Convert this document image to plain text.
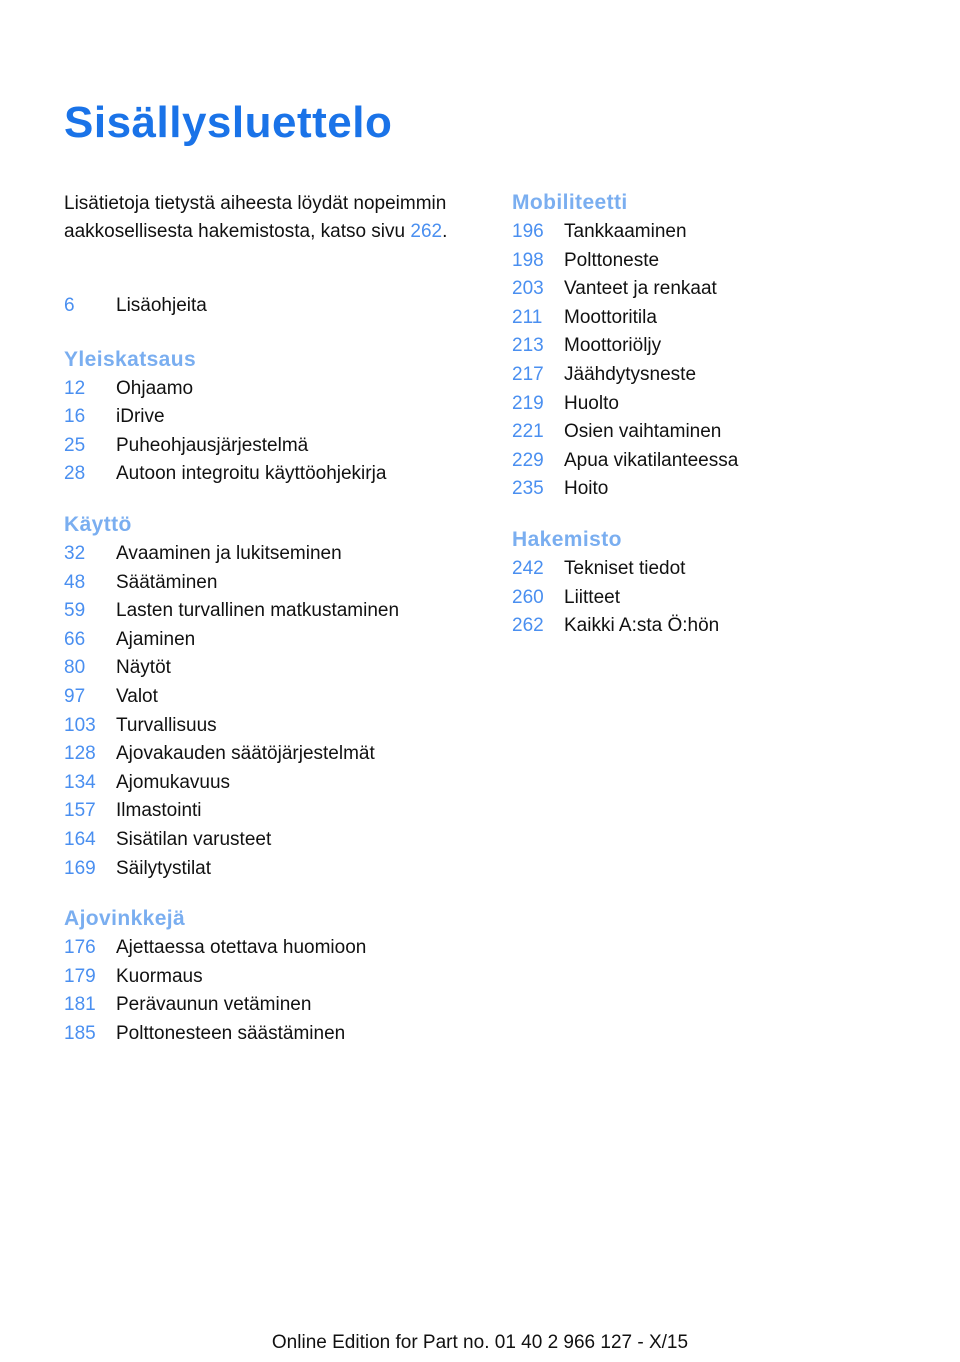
Sisällysluettelo
Lisätietoja tietystä aiheesta löydät nopeimmin aakkosellisesta hakemistosta, katso sivu 262.
6 Lisäohjeita
Yleiskatsaus
12 Ohjaamo
16 iDrive
25 Puheohjausjärjestelmä
28 Autoon integroitu käyttöohjekirja
Käyttö
32 Avaaminen ja lukitseminen
48 Säätäminen
59 Lasten turvallinen matkustaminen
66 Ajaminen
80 Näytöt
97 Valot
103 Turvallisuus
128 Ajovakauden säätöjärjestelmät
134 Ajomukavuus
157 Ilmastointi
164 Sisätilan varusteet
169 Säilytystilat
Ajovinkkejä
176 Ajettaessa otettava huomioon
179 Kuormaus
181 Perävaunun vetäminen
185 Polttonesteen säästäminen
Mobiliteetti
196 Tankkaaminen
198 Polttoneste
203 Vanteet ja renkaat
211 Moottoritila
213 Moottoriöljy
217 Jäähdytysneste
219 Huolto
221 Osien vaihtaminen
229 Apua vikatilanteessa
235 Hoito
Hakemisto
242 Tekniset tiedot
260 Liitteet
262 Kaikki A:sta Ö:hön
Online Edition for Part no. 01 40 2 966 127 - X/15
